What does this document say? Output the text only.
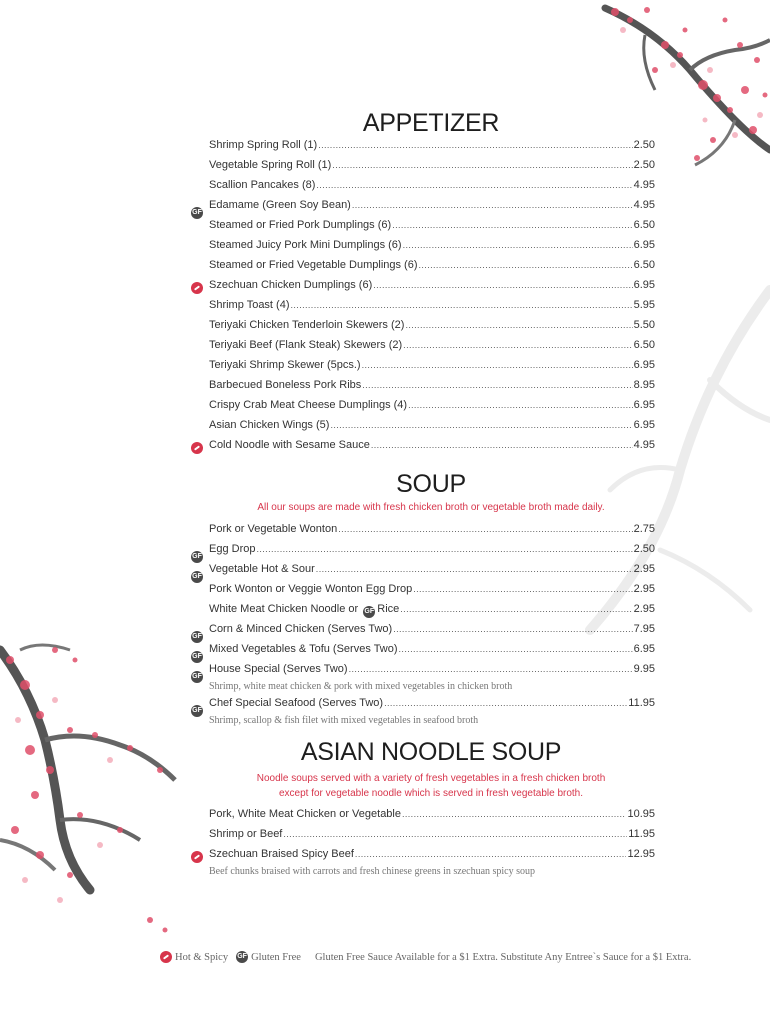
APPETIZER
Shrimp Spring Roll (1) .....	2.50
Vegetable Spring Roll (1) .....	2.50
Scallion Pancakes (8) .....	4.95
Edamame (Green Soy Bean) .....	4.95
GF
Steamed or Fried Pork Dumplings (6) .....	6.50
Steamed Juicy Pork Mini Dumplings (6) .....	6.95
Steamed or Fried Vegetable Dumplings (6) .....	6.50
Szechuan Chicken Dumplings (6) .....	6.95
Shrimp Toast (4) .....	5.95
Teriyaki Chicken Tenderloin Skewers (2) .....	5.50
Teriyaki Beef (Flank Steak) Skewers (2) .....	6.50
Teriyaki Shrimp Skewer (5pcs.) .....	6.95
Barbecued Boneless Pork Ribs .....	8.95
Crispy Crab Meat Cheese Dumplings (4) .....	6.95
Asian Chicken Wings (5) .....	6.95
Cold Noodle with Sesame Sauce .....	4.95
SOUP
All our soups are made with fresh chicken broth or vegetable broth made daily.
Pork or Vegetable Wonton .....	2.75
Egg Drop .....	2.50
GF
Vegetable Hot & Sour .....	2.95
GF
Pork Wonton or Veggie Wonton Egg Drop .....	2.95
White Meat Chicken Noodle or GF Rice .....	2.95
Corn & Minced Chicken (Serves Two) .....	7.95
GF
Mixed Vegetables & Tofu (Serves Two) .....	6.95
GF
House Special (Serves Two) .....	9.95
GF
Shrimp, white meat chicken & pork with mixed vegetables in chicken broth
Chef Special Seafood (Serves Two) .....	11.95
GF
Shrimp, scallop & fish filet with mixed vegetables in seafood broth
ASIAN NOODLE SOUP
Noodle soups served with a variety of fresh vegetables in a fresh chicken broth
except for vegetable noodle which is served in fresh vegetable broth.
Pork, White Meat Chicken or Vegetable .....	10.95
Shrimp or Beef .....	11.95
Szechuan Braised Spicy Beef .....	12.95
Beef chunks braised with carrots and fresh chinese greens in szechuan spicy soup
Hot & Spicy GF Gluten Free Gluten Free Sauce Available for a $1 Extra. Substitute Any Entree`s Sauce for a $1 Extra.
